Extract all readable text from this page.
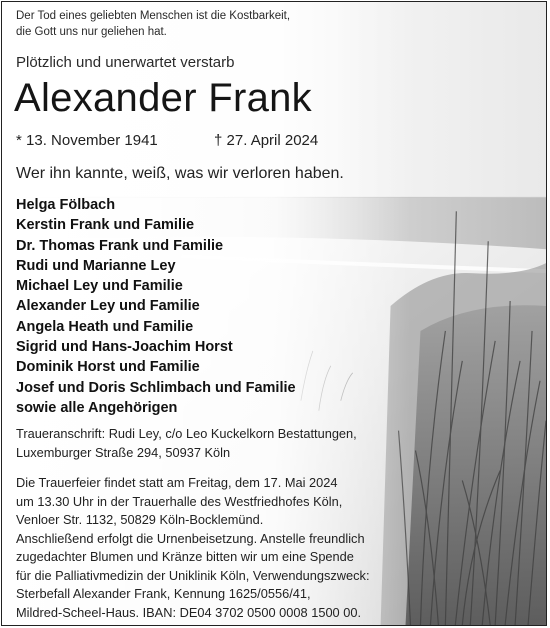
Der Tod eines geliebten Menschen ist die Kostbarkeit,
die Gott uns nur geliehen hat.

Plötzlich und unerwartet verstarb
Alexander Frank
* 13. November 1941	† 27. April 2024
Wer ihn kannte, weiß, was wir verloren haben.
Helga Fölbach
Kerstin Frank und Familie
Dr. Thomas Frank und Familie
Rudi und Marianne Ley
Michael Ley und Familie
Alexander Ley und Familie
Angela Heath und Familie
Sigrid und Hans-Joachim Horst
Dominik Horst und Familie
Josef und Doris Schlimbach und Familie
sowie alle Angehörigen
Traueranschrift: Rudi Ley, c/o Leo Kuckelkorn Bestattungen,
Luxemburger Straße 294, 50937 Köln
Die Trauerfeier findet statt am Freitag, dem 17. Mai 2024
um 13.30 Uhr in der Trauerhalle des Westfriedhofes Köln,
Venloer Str. 1132, 50829 Köln-Bocklemünd.
Anschließend erfolgt die Urnenbeisetzung. Anstelle freundlich
zugedachter Blumen und Kränze bitten wir um eine Spende
für die Palliativmedizin der Uniklinik Köln, Verwendungszweck:
Sterbefall Alexander Frank, Kennung 1625/0556/41,
Mildred-Scheel-Haus. IBAN: DE04 3702 0500 0008 1500 00.
